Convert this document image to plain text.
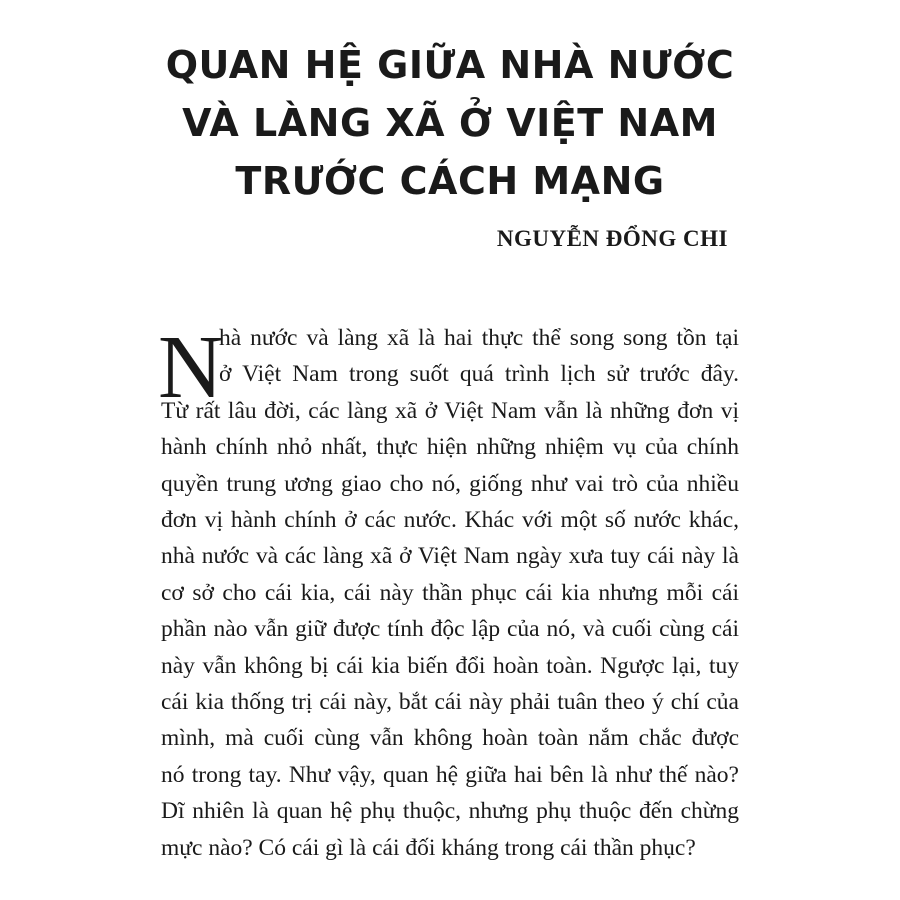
QUAN HỆ GIỮA NHÀ NƯỚC
VÀ LÀNG XÃ Ở VIỆT NAM
TRƯỚC CÁCH MẠNG
NGUYỄN ĐỔNG CHI
N
hà nước và làng xã là hai thực thể song song tồn tại
ở Việt Nam trong suốt quá trình lịch sử trước đây.
Từ rất lâu đời, các làng xã ở Việt Nam vẫn là những đơn vị
hành chính nhỏ nhất, thực hiện những nhiệm vụ của chính
quyền trung ương giao cho nó, giống như vai trò của nhiều
đơn vị hành chính ở các nước. Khác với một số nước khác,
nhà nước và các làng xã ở Việt Nam ngày xưa tuy cái này là
cơ sở cho cái kia, cái này thần phục cái kia nhưng mỗi cái
phần nào vẫn giữ được tính độc lập của nó, và cuối cùng cái
này vẫn không bị cái kia biến đổi hoàn toàn. Ngược lại, tuy
cái kia thống trị cái này, bắt cái này phải tuân theo ý chí của
mình, mà cuối cùng vẫn không hoàn toàn nắm chắc được
nó trong tay. Như vậy, quan hệ giữa hai bên là như thế nào?
Dĩ nhiên là quan hệ phụ thuộc, nhưng phụ thuộc đến chừng
mực nào? Có cái gì là cái đối kháng trong cái thần phục?
